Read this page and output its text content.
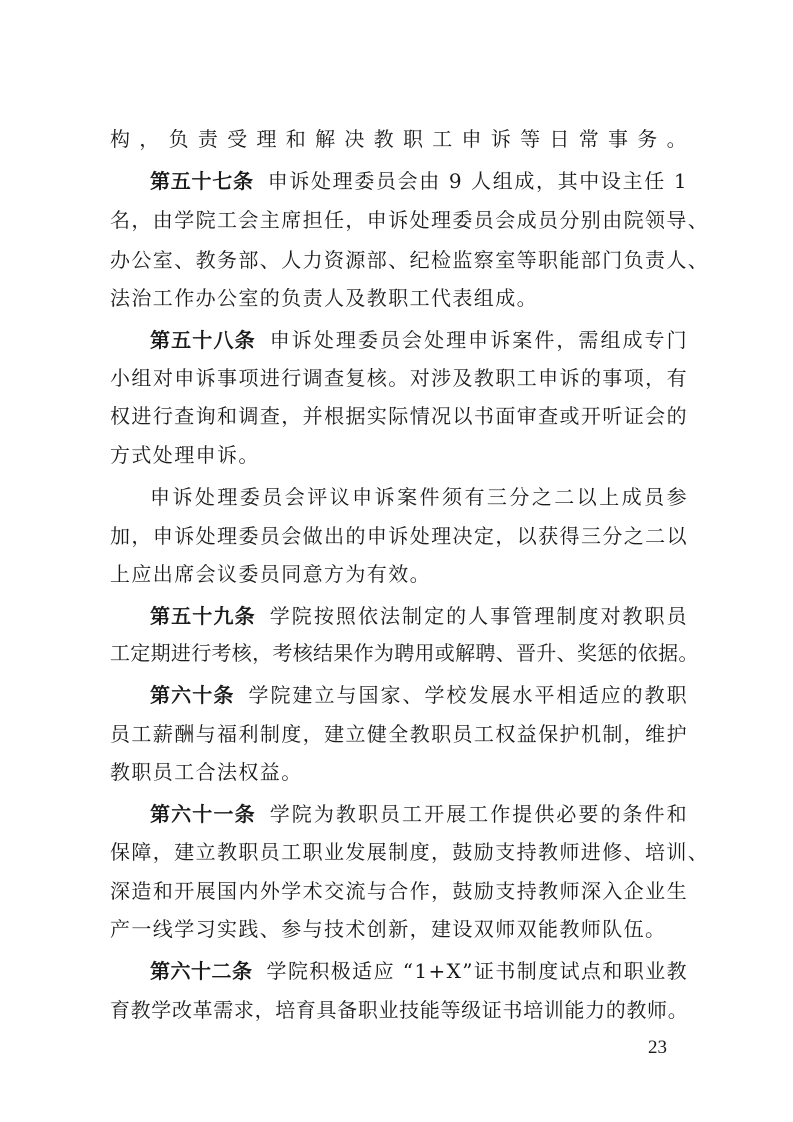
构，负责受理和解决教职工申诉等日常事务。
第五十七条 申诉处理委员会由 9 人组成，其中设主任 1
名，由学院工会主席担任，申诉处理委员会成员分别由院领导、
办公室、教务部、人力资源部、纪检监察室等职能部门负责人、
法治工作办公室的负责人及教职工代表组成。
第五十八条 申诉处理委员会处理申诉案件，需组成专门
小组对申诉事项进行调查复核。对涉及教职工申诉的事项，有
权进行查询和调查，并根据实际情况以书面审查或开听证会的
方式处理申诉。
申诉处理委员会评议申诉案件须有三分之二以上成员参
加，申诉处理委员会做出的申诉处理决定，以获得三分之二以
上应出席会议委员同意方为有效。
第五十九条 学院按照依法制定的人事管理制度对教职员
工定期进行考核，考核结果作为聘用或解聘、晋升、奖惩的依据。
第六十条 学院建立与国家、学校发展水平相适应的教职
员工薪酬与福利制度，建立健全教职员工权益保护机制，维护
教职员工合法权益。
第六十一条 学院为教职员工开展工作提供必要的条件和
保障，建立教职员工职业发展制度，鼓励支持教师进修、培训、
深造和开展国内外学术交流与合作，鼓励支持教师深入企业生
产一线学习实践、参与技术创新，建设双师双能教师队伍。
第六十二条 学院积极适应 “1+X”证书制度试点和职业教
育教学改革需求，培育具备职业技能等级证书培训能力的教师。
23
